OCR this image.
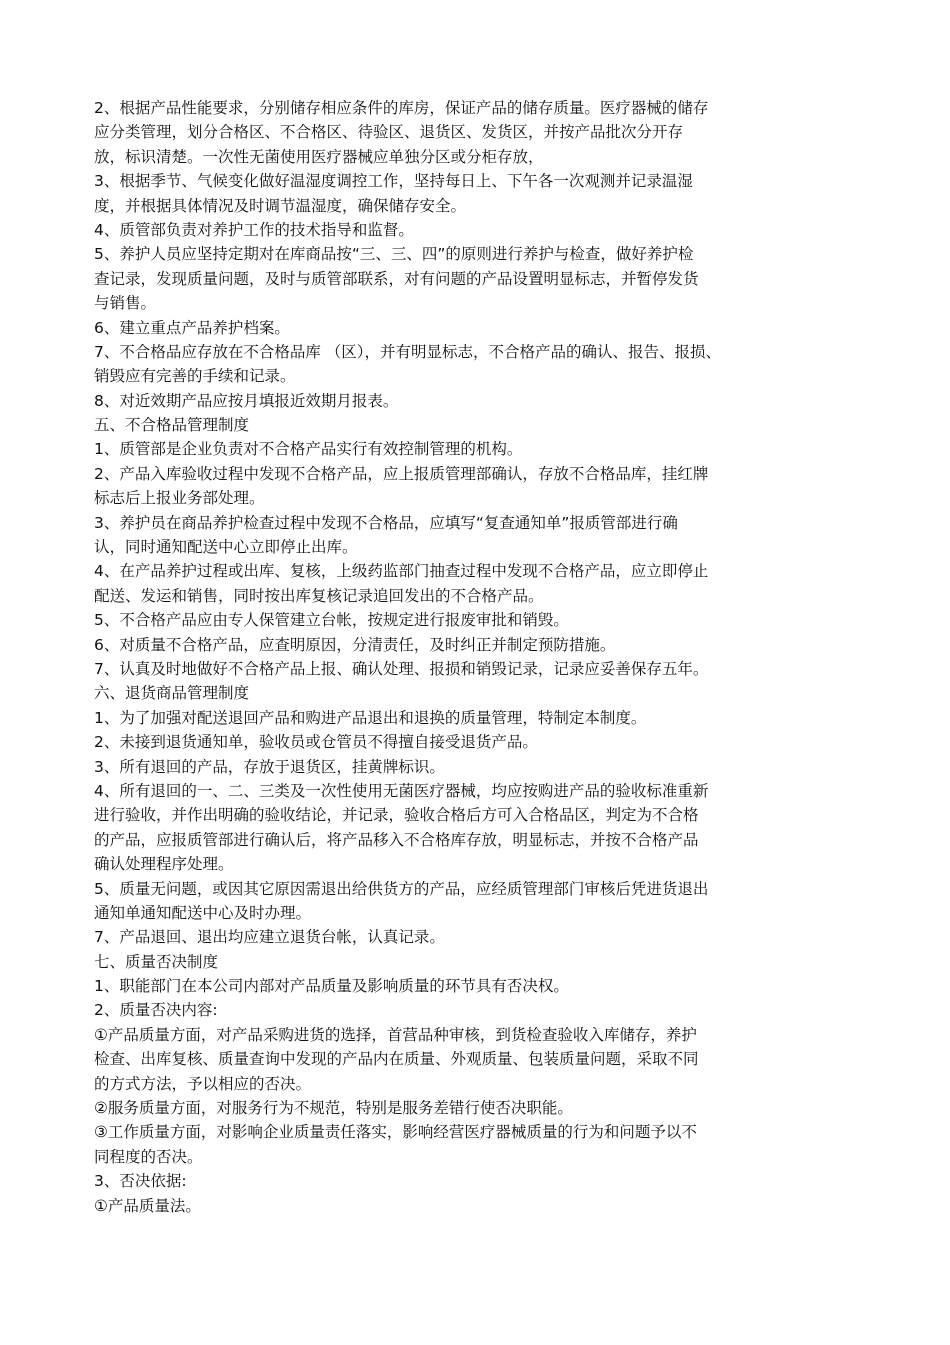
2、根据产品性能要求，分别储存相应条件的库房，保证产品的储存质量。医疗器械的储存
应分类管理，划分合格区、不合格区、待验区、退货区、发货区，并按产品批次分开存
放，标识清楚。一次性无菌使用医疗器械应单独分区或分柜存放，
3、根据季节、气候变化做好温湿度调控工作，坚持每日上、下午各一次观测并记录温湿
度，并根据具体情况及时调节温湿度，确保储存安全。
4、质管部负责对养护工作的技术指导和监督。
5、养护人员应坚持定期对在库商品按“三、三、四”的原则进行养护与检查，做好养护检
查记录，发现质量问题，及时与质管部联系，对有问题的产品设置明显标志，并暂停发货
与销售。
6、建立重点产品养护档案。
7、不合格品应存放在不合格品库 （区），并有明显标志，不合格产品的确认、报告、报损、
销毁应有完善的手续和记录。
8、对近效期产品应按月填报近效期月报表。
五、不合格品管理制度
1、质管部是企业负责对不合格产品实行有效控制管理的机构。
2、产品入库验收过程中发现不合格产品，应上报质管理部确认，存放不合格品库，挂红牌
标志后上报业务部处理。
3、养护员在商品养护检查过程中发现不合格品，应填写“复查通知单”报质管部进行确
认，同时通知配送中心立即停止出库。
4、在产品养护过程或出库、复核，上级药监部门抽查过程中发现不合格产品，应立即停止
配送、发运和销售，同时按出库复核记录追回发出的不合格产品。
5、不合格产品应由专人保管建立台帐，按规定进行报废审批和销毁。
6、对质量不合格产品，应查明原因，分清责任，及时纠正并制定预防措施。
7、认真及时地做好不合格产品上报、确认处理、报损和销毁记录，记录应妥善保存五年。
六、退货商品管理制度
1、为了加强对配送退回产品和购进产品退出和退换的质量管理，特制定本制度。
2、未接到退货通知单，验收员或仓管员不得擅自接受退货产品。
3、所有退回的产品，存放于退货区，挂黄牌标识。
4、所有退回的一、二、三类及一次性使用无菌医疗器械，均应按购进产品的验收标准重新
进行验收，并作出明确的验收结论，并记录，验收合格后方可入合格品区，判定为不合格
的产品，应报质管部进行确认后，将产品移入不合格库存放，明显标志，并按不合格产品
确认处理程序处理。
5、质量无问题，或因其它原因需退出给供货方的产品，应经质管理部门审核后凭进货退出
通知单通知配送中心及时办理。
7、产品退回、退出均应建立退货台帐，认真记录。
七、质量否决制度
1、职能部门在本公司内部对产品质量及影响质量的环节具有否决权。
2、质量否决内容:
①产品质量方面，对产品采购进货的选择，首营品种审核，到货检查验收入库储存，养护
检查、出库复核、质量查询中发现的产品内在质量、外观质量、包装质量问题，采取不同
的方式方法，予以相应的否决。
②服务质量方面，对服务行为不规范，特别是服务差错行使否决职能。
③工作质量方面，对影响企业质量责任落实，影响经营医疗器械质量的行为和问题予以不
同程度的否决。
3、否决依据:
①产品质量法。
